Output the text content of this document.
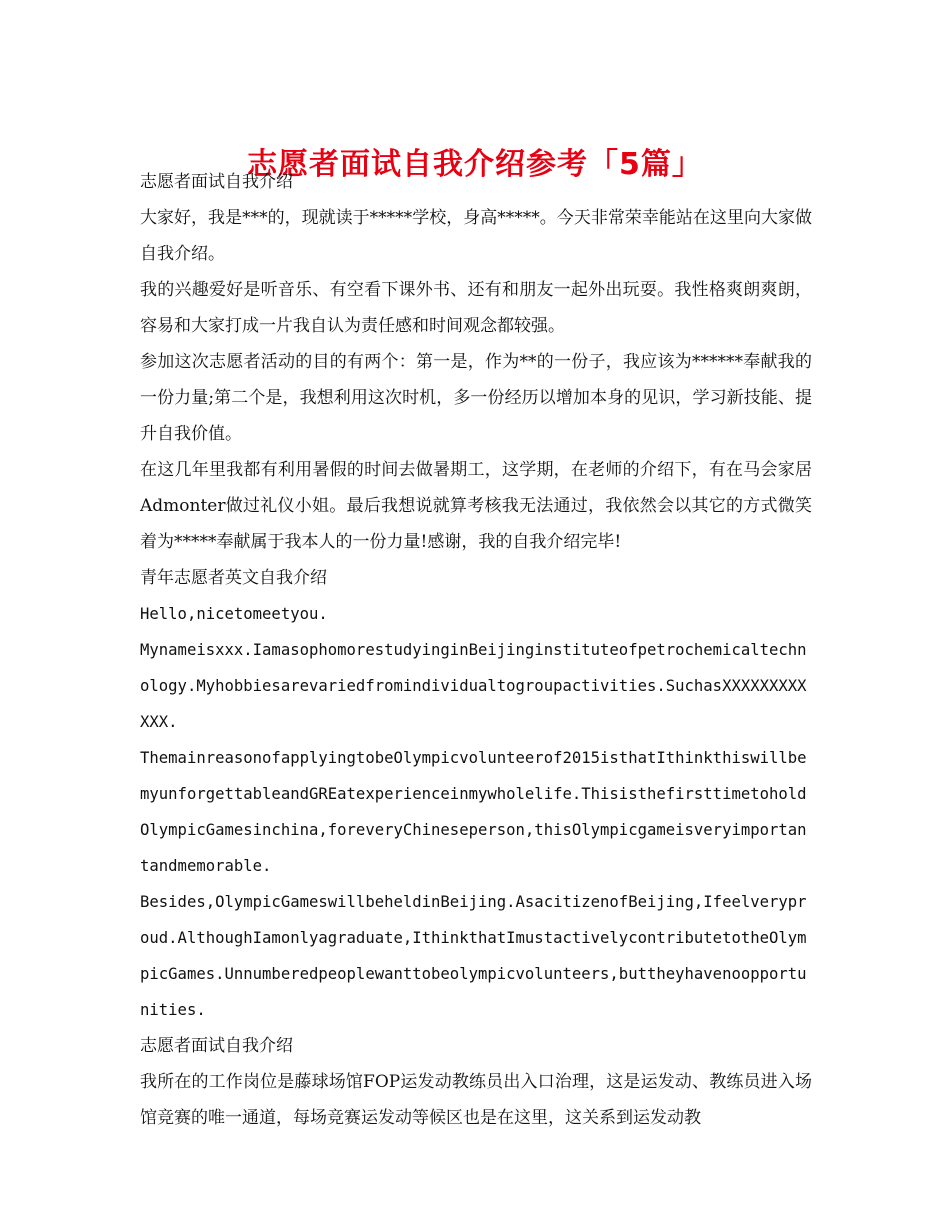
志愿者面试自我介绍参考「5篇」

志愿者面试自我介绍

大家好，我是***的，现就读于*****学校，身高*****。今天非常荣幸能站在这里向大家做自我介绍。

我的兴趣爱好是听音乐、有空看下课外书、还有和朋友一起外出玩耍。我性格爽朗爽朗，容易和大家打成一片我自认为责任感和时间观念都较强。

参加这次志愿者活动的目的有两个：第一是，作为**的一份子，我应该为******奉献我的一份力量;第二个是，我想利用这次时机，多一份经历以增加本身的见识，学习新技能、提升自我价值。

在这几年里我都有利用暑假的时间去做暑期工，这学期，在老师的介绍下，有在马会家居Admonter做过礼仪小姐。最后我想说就算考核我无法通过，我依然会以其它的方式微笑着为*****奉献属于我本人的一份力量!感谢，我的自我介绍完毕!

青年志愿者英文自我介绍

Hello,nicetomeetyou.

Mynameisxxx.IamasophomorestudyinginBeijinginstituteofpetrochemicaltechnology.Myhobbiesarevariedfromindividualtogroupactivities.SuchasXXXXXXXXXXXX.

ThemainreasonofapplyingtobeOlympicvolunteerof2015isthatIthinkthiswillbemyunforgettableandGREatexperienceinmywholelife.ThisisthefirsttimetoholdOlympicGamesinchina,foreveryChineseperson,thisOlympicgameisveryimportantandmemorable.

Besides,OlympicGameswillbeheldinBeijing.AsacitizenofBeijing,Ifeelveryproud.AlthoughIamonlyagraduate,IthinkthatImustactivelycontributetotheOlympicGames.Unnumberedpeoplewanttobeolympicvolunteers,buttheyhavenoopportunities.

志愿者面试自我介绍

我所在的工作岗位是藤球场馆FOP运发动教练员出入口治理，这是运发动、教练员进入场馆竞赛的唯一通道，每场竞赛运发动等候区也是在这里，这关系到运发动教
